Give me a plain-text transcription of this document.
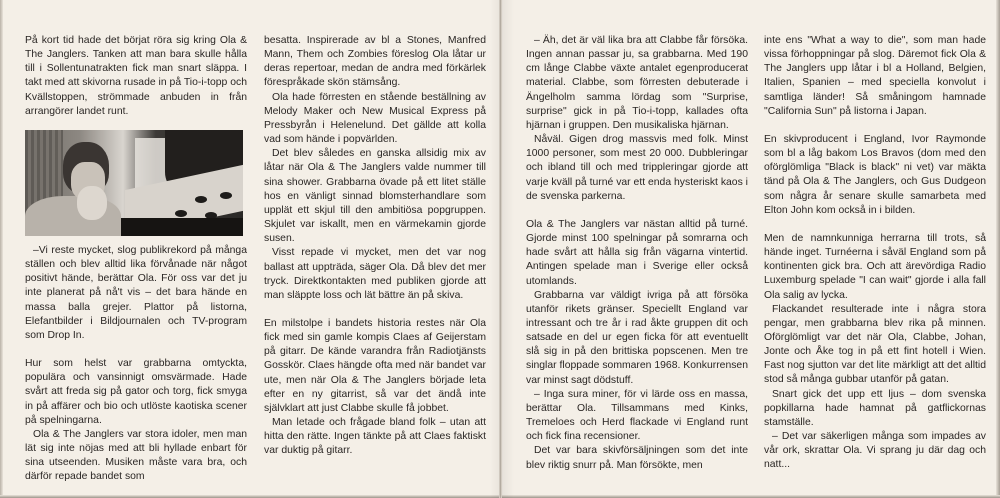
På kort tid hade det börjat röra sig kring Ola & The Janglers. Tanken att man bara skulle hålla till i Sollentunatrakten fick man snart släppa. I takt med att skivorna rusade in på Tio-i-topp och Kvällstoppen, strömmade anbuden in från arrangörer landet runt.

–Vi reste mycket, slog publikrekord på många ställen och blev alltid lika förvånade när något positivt hände, berättar Ola. För oss var det ju inte planerat på nå't vis – det bara hände en massa balla grejer. Plattor på listorna, Elefantbilder i Bildjournalen och TV-program som Drop In.

Hur som helst var grabbarna omtyckta, populära och vansinnigt omsvärmade. Hade svårt att freda sig på gator och torg, fick smyga in på affärer och bio och utlöste kaotiska scener på spelningarna.

Ola & The Janglers var stora idoler, men man lät sig inte nöjas med att bli hyllade enbart för sina utseenden. Musiken måste vara bra, och därför repade bandet som

besatta. Inspirerade av bl a Stones, Manfred Mann, Them och Zombies föreslog Ola låtar ur deras repertoar, medan de andra med förkärlek förespråkade skön stämsång.

Ola hade förresten en stående beställning av Melody Maker och New Musical Express på Pressbyrån i Helenelund. Det gällde att kolla vad som hände i popvärlden.

Det blev således en ganska allsidig mix av låtar när Ola & The Janglers valde nummer till sina shower. Grabbarna övade på ett litet ställe hos en vänligt sinnad blomsterhandlare som upplät ett skjul till den ambitiösa popgruppen. Skjulet var iskallt, men en värmekamin gjorde susen.

Visst repade vi mycket, men det var nog ballast att uppträda, säger Ola. Då blev det mer tryck. Direktkontakten med publiken gjorde att man släppte loss och lät bättre än på skiva.

En milstolpe i bandets historia restes när Ola fick med sin gamle kompis Claes af Geijerstam på gitarr. De kände varandra från Radiotjänsts Gosskör. Claes hängde ofta med när bandet var ute, men när Ola & The Janglers började leta efter en ny gitarrist, så var det ändå inte självklart att just Clabbe skulle få jobbet.

Man letade och frågade bland folk – utan att hitta den rätte. Ingen tänkte på att Claes faktiskt var duktig på gitarr.

– Äh, det är väl lika bra att Clabbe får försöka. Ingen annan passar ju, sa grabbarna. Med 190 cm långe Clabbe växte antalet egenproducerat material. Clabbe, som förresten debuterade i Ängelholm samma lördag som "Surprise, surprise" gick in på Tio-i-topp, kallades ofta hjärnan i gruppen. Den musikaliska hjärnan.

Nåväl. Gigen drog massvis med folk. Minst 1000 personer, som mest 20 000. Dubbleringar och ibland till och med trippleringar gjorde att varje kväll på turné var ett enda hysteriskt kaos i de svenska parkerna.

Ola & The Janglers var nästan alltid på turné. Gjorde minst 100 spelningar på somrarna och hade svårt att hålla sig från vägarna vintertid. Antingen spelade man i Sverige eller också utomlands.

Grabbarna var väldigt ivriga på att försöka utanför rikets gränser. Speciellt England var intressant och tre år i rad åkte gruppen dit och satsade en del ur egen ficka för att eventuellt slå sig in på den brittiska popscenen. Men tre singlar floppade sommaren 1968. Konkurrensen var minst sagt dödstuff.

– Inga sura miner, för vi lärde oss en massa, berättar Ola. Tillsammans med Kinks, Tremeloes och Herd flackade vi England runt och fick fina recensioner.

Det var bara skivförsäljningen som det inte blev riktig snurr på. Man försökte, men

inte ens "What a way to die", som man hade vissa förhoppningar på slog. Däremot fick Ola & The Janglers upp låtar i bl a Holland, Belgien, Italien, Spanien – med speciella konvolut i samtliga länder! Så småningom hamnade "California Sun" på listorna i Japan.

En skivproducent i England, Ivor Raymonde som bl a låg bakom Los Bravos (dom med den oförglömliga "Black is black" ni vet) var mäkta tänd på Ola & The Janglers, och Gus Dudgeon som några år senare skulle samarbeta med Elton John kom också in i bilden.

Men de namnkunniga herrarna till trots, så hände inget. Turnéerna i såväl England som på kontinenten gick bra. Och att ärevördiga Radio Luxemburg spelade "I can wait" gjorde i alla fall Ola salig av lycka.

Flackandet resulterade inte i några stora pengar, men grabbarna blev rika på minnen. Oförglömligt var det när Ola, Clabbe, Johan, Jonte och Åke tog in på ett fint hotell i Wien. Fast nog sjutton var det lite märkligt att det alltid stod så många gubbar utanför på gatan.

Snart gick det upp ett ljus – dom svenska popkillarna hade hamnat på gatflickornas stamställe.

– Det var säkerligen många som impades av vår ork, skrattar Ola. Vi sprang ju där dag och natt...
